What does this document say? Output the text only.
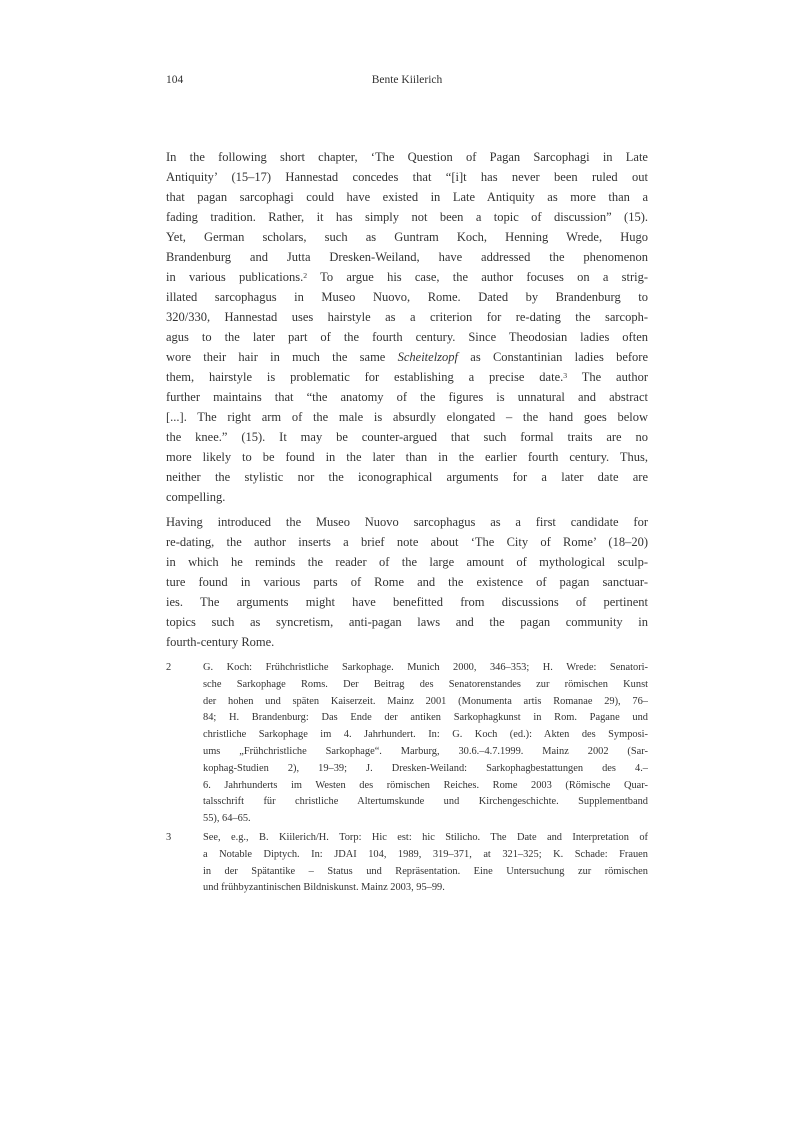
104	Bente Kiilerich
In the following short chapter, ‘The Question of Pagan Sarcophagi in Late
Antiquity’ (15–17) Hannestad concedes that “[i]t has never been ruled out
that pagan sarcophagi could have existed in Late Antiquity as more than a
fading tradition. Rather, it has simply not been a topic of discussion” (15).
Yet, German scholars, such as Guntram Koch, Henning Wrede, Hugo
Brandenburg and Jutta Dresken-Weiland, have addressed the phenomenon
in various publications.$^2$ To argue his case, the author focuses on a strig-
illated sarcophagus in Museo Nuovo, Rome. Dated by Brandenburg to
320/330, Hannestad uses hairstyle as a criterion for re-dating the sarcoph-
agus to the later part of the fourth century. Since Theodosian ladies often
wore their hair in much the same Scheitelzopf as Constantinian ladies before
them, hairstyle is problematic for establishing a precise date.$^3$ The author
further maintains that “the anatomy of the figures is unnatural and abstract
[...]. The right arm of the male is absurdly elongated – the hand goes below
the knee.” (15). It may be counter-argued that such formal traits are no
more likely to be found in the later than in the earlier fourth century. Thus,
neither the stylistic nor the iconographical arguments for a later date are
compelling.
Having introduced the Museo Nuovo sarcophagus as a first candidate for
re-dating, the author inserts a brief note about ‘The City of Rome’ (18–20)
in which he reminds the reader of the large amount of mythological sculp-
ture found in various parts of Rome and the existence of pagan sanctuar-
ies. The arguments might have benefitted from discussions of pertinent
topics such as syncretism, anti-pagan laws and the pagan community in
fourth-century Rome.
2	G. Koch: Frühchristliche Sarkophage. Munich 2000, 346–353; H. Wrede: Senatori-
sche Sarkophage Roms. Der Beitrag des Senatorenstandes zur römischen Kunst
der hohen und späten Kaiserzeit. Mainz 2001 (Monumenta artis Romanae 29), 76–
84; H. Brandenburg: Das Ende der antiken Sarkophagkunst in Rom. Pagane und
christliche Sarkophage im 4. Jahrhundert. In: G. Koch (ed.): Akten des Symposi-
ums „Frühchristliche Sarkophage“. Marburg, 30.6.–4.7.1999. Mainz 2002 (Sar-
kophag-Studien 2), 19–39; J. Dresken-Weiland: Sarkophagbestattungen des 4.–
6. Jahrhunderts im Westen des römischen Reiches. Rome 2003 (Römische Quar-
talsschrift für christliche Altertumskunde und Kirchengeschichte. Supplementband
55), 64–65.
3	See, e.g., B. Kiilerich/H. Torp: Hic est: hic Stilicho. The Date and Interpretation of
a Notable Diptych. In: JDAI 104, 1989, 319–371, at 321–325; K. Schade: Frauen
in der Spätantike – Status und Repräsentation. Eine Untersuchung zur römischen
und frühbyzantinischen Bildniskunst. Mainz 2003, 95–99.
